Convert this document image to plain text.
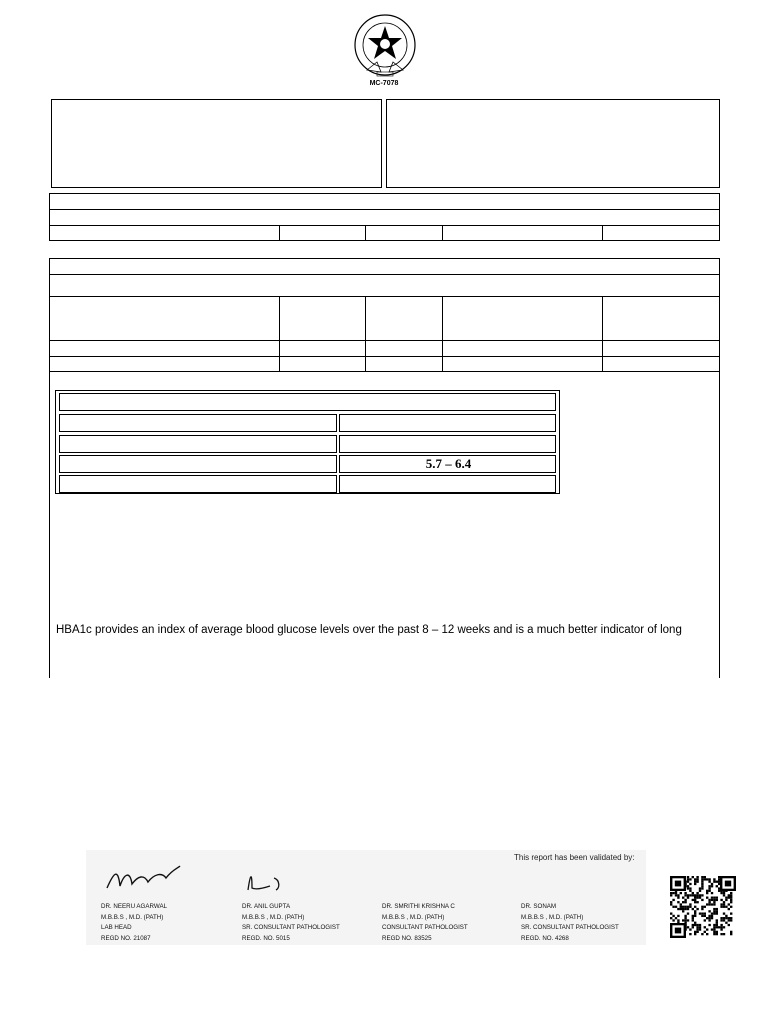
MC-7078
5.7 – 6.4
HBA1c provides an index of average blood glucose levels over the past 8 – 12 weeks and is a much better indicator of long
This report has been validated by:
DR. NEERU AGARWAL
M.B.B.S , M.D. (PATH)
LAB HEAD
REGD NO. 21087
DR. ANIL GUPTA
M.B.B.S , M.D. (PATH)
SR. CONSULTANT PATHOLOGIST
REGD. NO. 5015
DR. SMRITHI KRISHNA C
M.B.B.S , M.D. (PATH)
CONSULTANT PATHOLOGIST
REGD NO. 83525
DR. SONAM
M.B.B.S , M.D. (PATH)
SR. CONSULTANT PATHOLOGIST
REGD. NO. 4268
